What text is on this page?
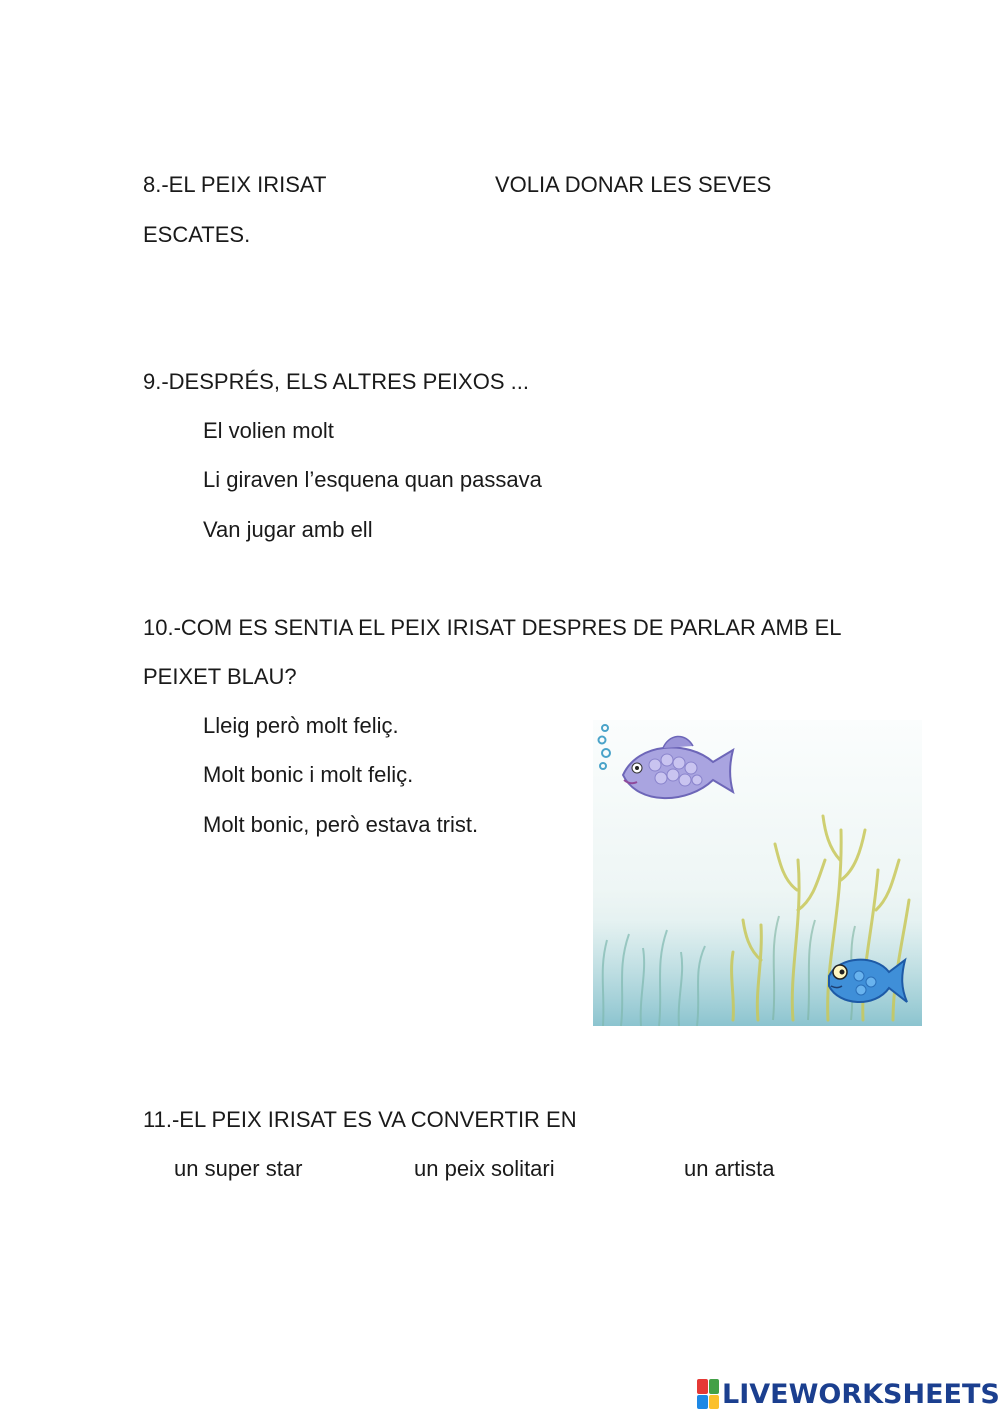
8.-EL PEIX IRISAT	VOLIA DONAR LES SEVES
ESCATES.
9.-DESPRÉS, ELS ALTRES PEIXOS ...
El volien molt
Li giraven l’esquena quan passava
Van jugar amb ell
10.-COM ES SENTIA EL PEIX IRISAT DESPRES DE PARLAR AMB EL
PEIXET BLAU?
Lleig però molt feliç.
Molt bonic i molt feliç.
Molt bonic, però estava trist.
11.-EL PEIX IRISAT ES VA CONVERTIR EN
un super star	un peix solitari	un artista
LIVEWORKSHEETS
